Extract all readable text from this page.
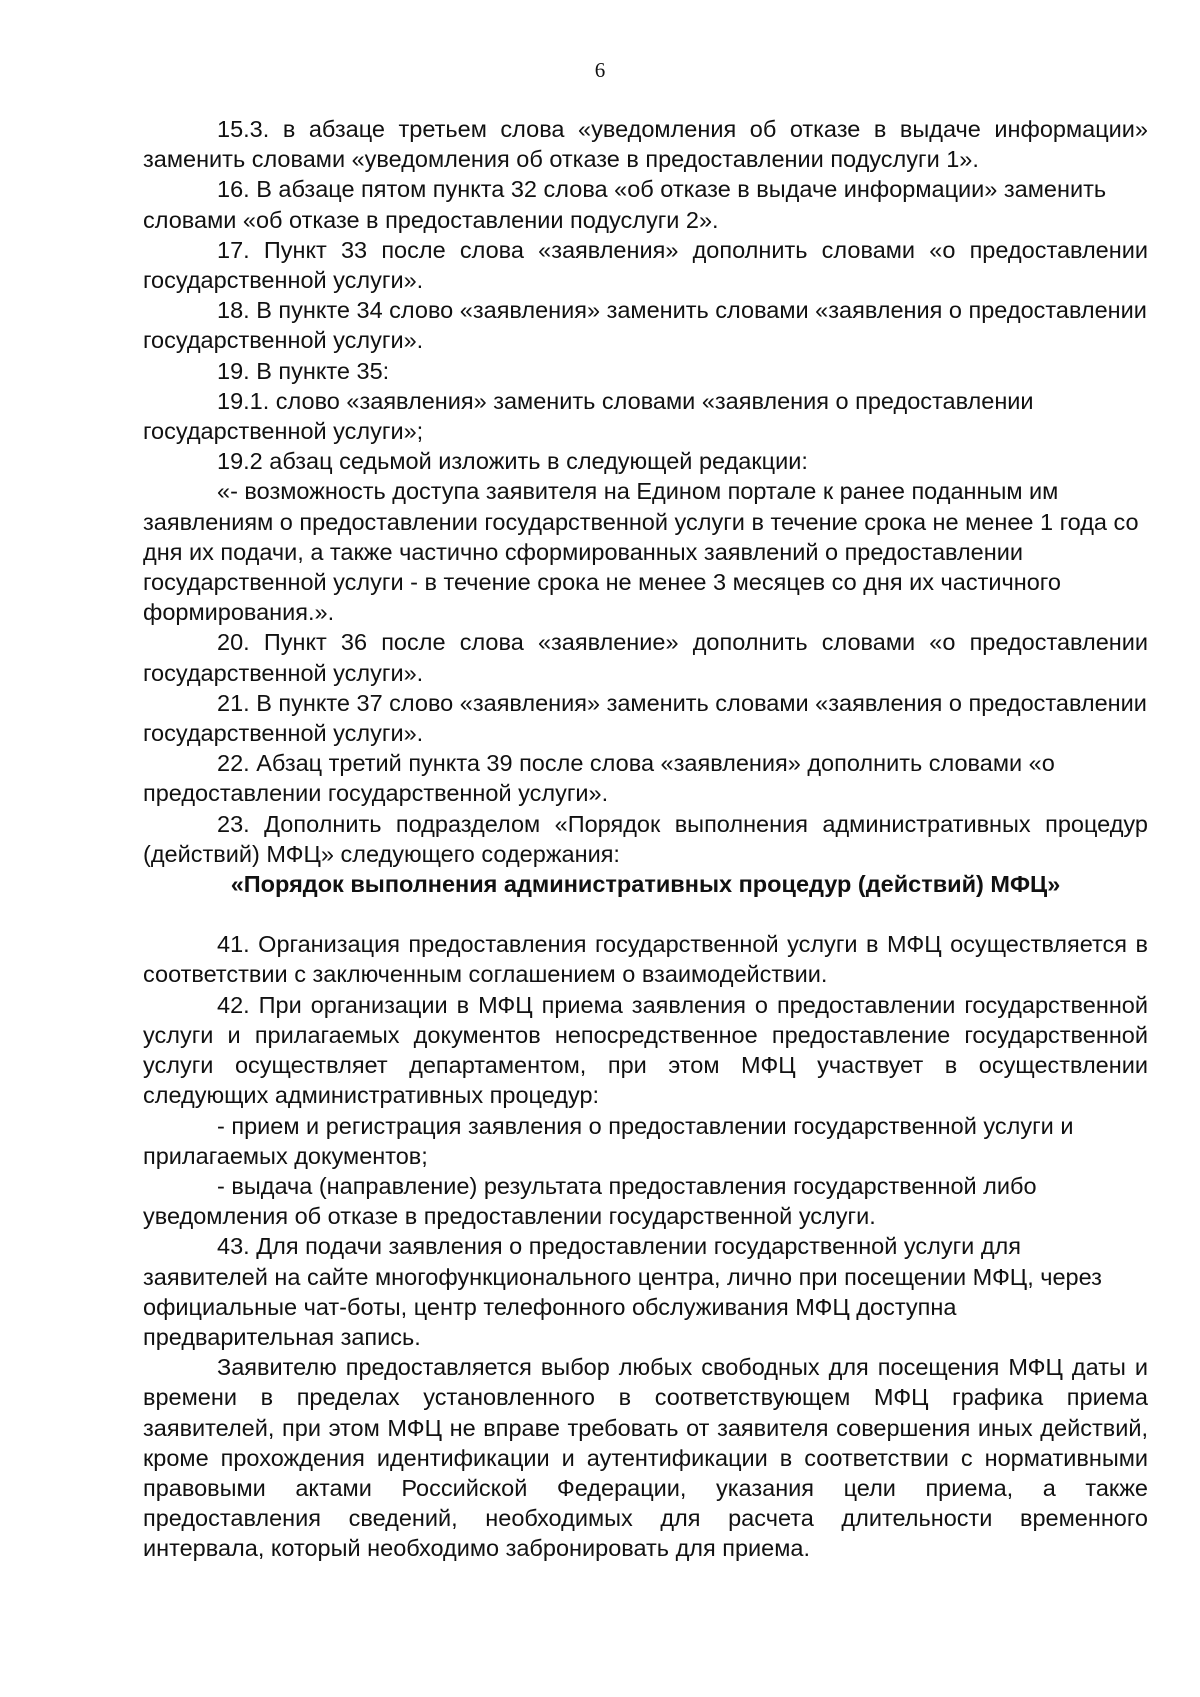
6

15.3. в абзаце третьем слова «уведомления об отказе в выдаче информации» заменить словами «уведомления об отказе в предоставлении подуслуги 1».

16. В абзаце пятом пункта 32 слова «об отказе в выдаче информации» заменить словами «об отказе в предоставлении подуслуги 2».

17. Пункт 33 после слова «заявления» дополнить словами «о предоставлении государственной услуги».

18. В пункте 34 слово «заявления» заменить словами «заявления о предоставлении государственной услуги».

19. В пункте 35:

19.1. слово «заявления» заменить словами «заявления о предоставлении государственной услуги»;

19.2 абзац седьмой изложить в следующей редакции:

«- возможность доступа заявителя на Едином портале к ранее поданным им заявлениям о предоставлении государственной услуги в течение срока не менее 1 года со дня их подачи, а также частично сформированных заявлений о предоставлении государственной услуги - в течение срока не менее 3 месяцев со дня их частичного формирования.».

20. Пункт 36 после слова «заявление» дополнить словами «о предоставлении государственной услуги».

21. В пункте 37 слово «заявления» заменить словами «заявления о предоставлении государственной услуги».

22. Абзац третий пункта 39 после слова «заявления» дополнить словами «о предоставлении государственной услуги».

23. Дополнить подразделом «Порядок выполнения административных процедур (действий) МФЦ» следующего содержания:

«Порядок выполнения административных процедур (действий) МФЦ»

41. Организация предоставления государственной услуги в МФЦ осуществляется в соответствии с заключенным соглашением о взаимодействии.

42. При организации в МФЦ приема заявления о предоставлении государственной услуги и прилагаемых документов непосредственное предоставление государственной услуги осуществляет департаментом, при этом МФЦ участвует в осуществлении следующих административных процедур:

- прием и регистрация заявления о предоставлении государственной услуги и прилагаемых документов;

- выдача (направление) результата предоставления государственной либо уведомления об отказе в предоставлении государственной услуги.

43. Для подачи заявления о предоставлении государственной услуги для заявителей на сайте многофункционального центра, лично при посещении МФЦ, через официальные чат-боты, центр телефонного обслуживания МФЦ доступна предварительная запись.

Заявителю предоставляется выбор любых свободных для посещения МФЦ даты и времени в пределах установленного в соответствующем МФЦ графика приема заявителей, при этом МФЦ не вправе требовать от заявителя совершения иных действий, кроме прохождения идентификации и аутентификации в соответствии с нормативными правовыми актами Российской Федерации, указания цели приема, а также предоставления сведений, необходимых для расчета длительности временного интервала, который необходимо забронировать для приема.
